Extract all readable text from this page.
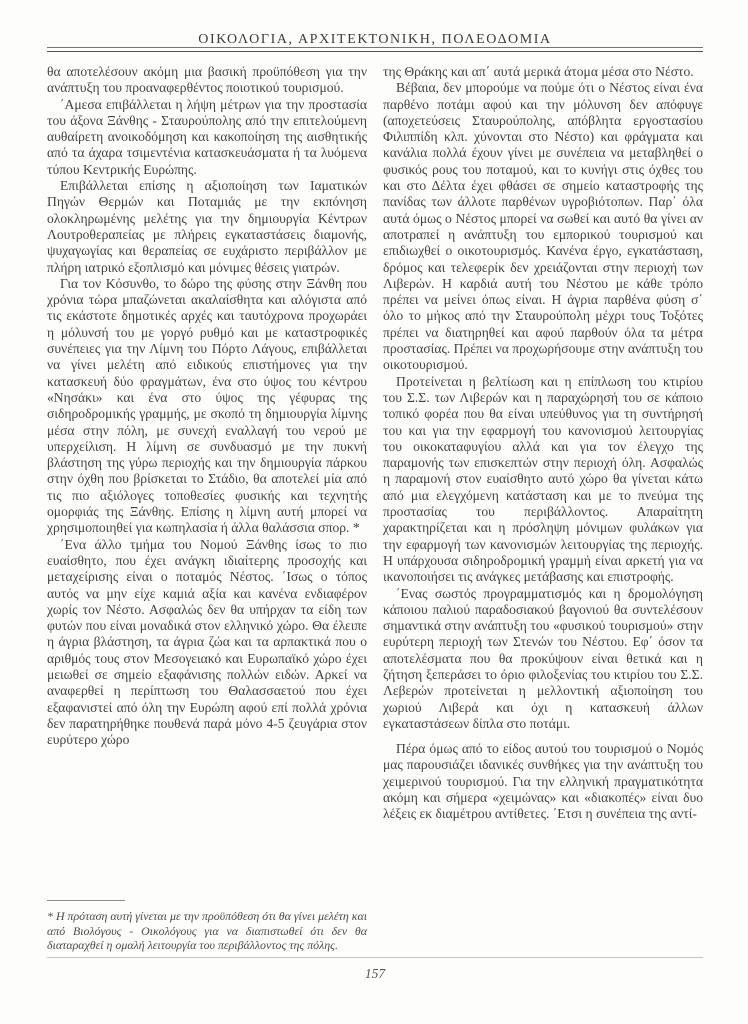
ΟΙΚΟΛΟΓΙΑ, ΑΡΧΙΤΕΚΤΟΝΙΚΗ, ΠΟΛΕΟΔΟΜΙΑ

θα αποτελέσουν ακόμη μια βασική προϋπόθεση για την ανάπτυξη του προαναφερθέντος ποιοτικού τουρισμού.

΄Αμεσα επιβάλλεται η λήψη μέτρων για την προστασία του άξονα Ξάνθης - Σταυρούπολης από την επιτελούμενη αυθαίρετη ανοικοδόμηση και κακοποίηση της αισθητικής από τα άχαρα τσιμεντένια κατασκευάσματα ή τα λυόμενα τύπου Κεντρικής Ευρώπης.

Επιβάλλεται επίσης η αξιοποίηση των Ιαματικών Πηγών Θερμών και Ποταμιάς με την εκπόνηση ολοκληρωμένης μελέτης για την δημιουργία Κέντρων Λουτροθεραπείας με πλήρεις εγκαταστάσεις διαμονής, ψυχαγωγίας και θεραπείας σε ευχάριστο περιβάλλον με πλήρη ιατρικό εξοπλισμό και μόνιμες θέσεις γιατρών.

Για τον Κόσυνθο, το δώρο της φύσης στην Ξάνθη που χρόνια τώρα μπαζώνεται ακαλαίσθητα και αλόγιστα από τις εκάστοτε δημοτικές αρχές και ταυτόχρονα προχωράει η μόλυνσή του με γοργό ρυθμό και με καταστροφικές συνέπειες για την Λίμνη του Πόρτο Λάγους, επιβάλλεται να γίνει μελέτη από ειδικούς επιστήμονες για την κατασκευή δύο φραγμάτων, ένα στο ύψος του κέντρου «Νησάκι» και ένα στο ύψος της γέφυρας της σιδηροδρομικής γραμμής, με σκοπό τη δημιουργία λίμνης μέσα στην πόλη, με συνεχή εναλλαγή του νερού με υπερχείλιση. Η λίμνη σε συνδυασμό με την πυκνή βλάστηση της γύρω περιοχής και την δημιουργία πάρκου στην όχθη που βρίσκεται το Στάδιο, θα αποτελεί μία από τις πιο αξιόλογες τοποθεσίες φυσικής και τεχνητής ομορφιάς της Ξάνθης. Επίσης η λίμνη αυτή μπορεί να χρησιμοποιηθεί για κωπηλασία ή άλλα θαλάσσια σπορ. *

΄Ενα άλλο τμήμα του Νομού Ξάνθης ίσως το πιο ευαίσθητο, που έχει ανάγκη ιδιαίτερης προσοχής και μεταχείρισης είναι ο ποταμός Νέστος. ΄Ισως ο τόπος αυτός να μην είχε καμιά αξία και κανένα ενδιαφέρον χωρίς τον Νέστο. Ασφαλώς δεν θα υπήρχαν τα είδη των φυτών που είναι μοναδικά στον ελληνικό χώρο. Θα έλειπε η άγρια βλάστηση, τα άγρια ζώα και τα αρπακτικά που ο αριθμός τους στον Μεσογειακό και Ευρωπαϊκό χώρο έχει μειωθεί σε σημείο εξαφάνισης πολλών ειδών. Αρκεί να αναφερθεί η περίπτωση του Θαλασσαετού που έχει εξαφανιστεί από όλη την Ευρώπη αφού επί πολλά χρόνια δεν παρατηρήθηκε πουθενά παρά μόνο 4-5 ζευγάρια στον ευρύτερο χώρο

* Η πρόταση αυτή γίνεται με την προϋπόθεση ότι θα γίνει μελέτη και από Βιολόγους - Οικολόγους για να διαπιστωθεί ότι δεν θα διαταραχθεί η ομαλή λειτουργία του περιβάλλοντος της πόλης.

της Θράκης και απ΄ αυτά μερικά άτομα μέσα στο Νέστο.

Βέβαια, δεν μπορούμε να πούμε ότι ο Νέστος είναι ένα παρθένο ποτάμι αφού και την μόλυνση δεν απόφυγε (αποχετεύσεις Σταυρούπολης, απόβλητα εργοστασίου Φιλιππίδη κλπ. χύνονται στο Νέστο) και φράγματα και κανάλια πολλά έχουν γίνει με συνέπεια να μεταβληθεί ο φυσικός ρους του ποταμού, και το κυνήγι στις όχθες του και στο Δέλτα έχει φθάσει σε σημείο καταστροφής της πανίδας των άλλοτε παρθένων υγροβιότοπων. Παρ΄ όλα αυτά όμως ο Νέστος μπορεί να σωθεί και αυτό θα γίνει αν αποτραπεί η ανάπτυξη του εμπορικού τουρισμού και επιδιωχθεί ο οικοτουρισμός. Κανένα έργο, εγκατάσταση, δρόμος και τελεφερίκ δεν χρειάζονται στην περιοχή των Λιβερών. Η καρδιά αυτή του Νέστου με κάθε τρόπο πρέπει να μείνει όπως είναι. Η άγρια παρθένα φύση σ΄ όλο το μήκος από την Σταυρούπολη μέχρι τους Τοξότες πρέπει να διατηρηθεί και αφού παρθούν όλα τα μέτρα προστασίας. Πρέπει να προχωρήσουμε στην ανάπτυξη του οικοτουρισμού.

Προτείνεται η βελτίωση και η επίπλωση του κτιρίου του Σ.Σ. των Λιβερών και η παραχώρησή του σε κάποιο τοπικό φορέα που θα είναι υπεύθυνος για τη συντήρησή του και για την εφαρμογή του κανονισμού λειτουργίας του οικοκαταφυγίου αλλά και για τον έλεγχο της παραμονής των επισκεπτών στην περιοχή όλη. Ασφαλώς η παραμονή στον ευαίσθητο αυτό χώρο θα γίνεται κάτω από μια ελεγχόμενη κατάσταση και με το πνεύμα της προστασίας του περιβάλλοντος. Απαραίτητη χαρακτηρίζεται και η πρόσληψη μόνιμων φυλάκων για την εφαρμογή των κανονισμών λειτουργίας της περιοχής. Η υπάρχουσα σιδηροδρομική γραμμή είναι αρκετή για να ικανοποιήσει τις ανάγκες μετάβασης και επιστροφής.

΄Ενας σωστός προγραμματισμός και η δρομολόγηση κάποιου παλιού παραδοσιακού βαγονιού θα συντελέσουν σημαντικά στην ανάπτυξη του «φυσικού τουρισμού» στην ευρύτερη περιοχή των Στενών του Νέστου. Εφ΄ όσον τα αποτελέσματα που θα προκύψουν είναι θετικά και η ζήτηση ξεπεράσει το όριο φιλοξενίας του κτιρίου του Σ.Σ. Λεβερών προτείνεται η μελλοντική αξιοποίηση του χωριού Λιβερά και όχι η κατασκευή άλλων εγκαταστάσεων δίπλα στο ποτάμι.

Πέρα όμως από το είδος αυτού του τουρισμού ο Νομός μας παρουσιάζει ιδανικές συνθήκες για την ανάπτυξη του χειμερινού τουρισμού. Για την ελληνική πραγματικότητα ακόμη και σήμερα «χειμώνας» και «διακοπές» είναι δυο λέξεις εκ διαμέτρου αντίθετες. ΄Ετσι η συνέπεια της αντί-

157
